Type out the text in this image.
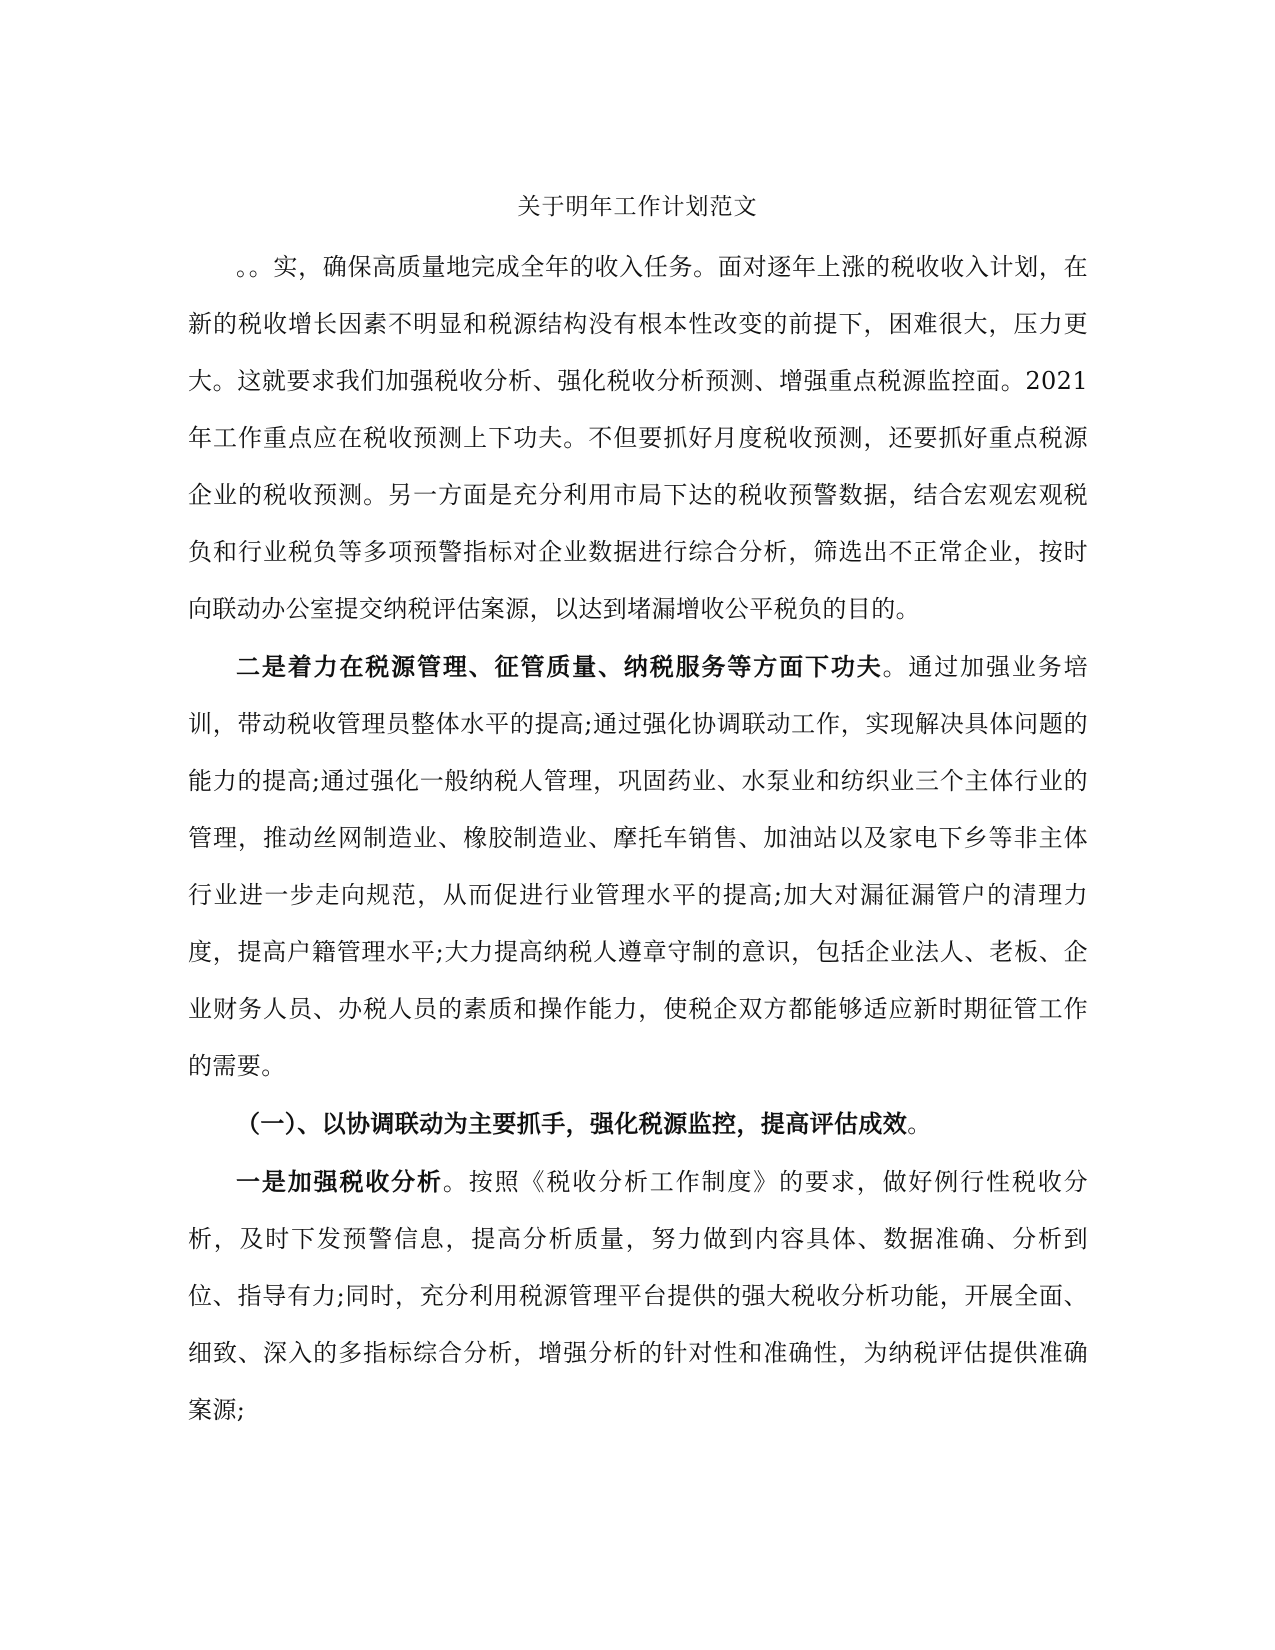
关于明年工作计划范文

。。实，确保高质量地完成全年的收入任务。面对逐年上涨的税收收入计划，在新的税收增长因素不明显和税源结构没有根本性改变的前提下，困难很大，压力更大。这就要求我们加强税收分析、强化税收分析预测、增强重点税源监控面。2021年工作重点应在税收预测上下功夫。不但要抓好月度税收预测，还要抓好重点税源企业的税收预测。另一方面是充分利用市局下达的税收预警数据，结合宏观宏观税负和行业税负等多项预警指标对企业数据进行综合分析，筛选出不正常企业，按时向联动办公室提交纳税评估案源，以达到堵漏增收公平税负的目的。

二是着力在税源管理、征管质量、纳税服务等方面下功夫。通过加强业务培训，带动税收管理员整体水平的提高;通过强化协调联动工作，实现解决具体问题的能力的提高;通过强化一般纳税人管理，巩固药业、水泵业和纺织业三个主体行业的管理，推动丝网制造业、橡胶制造业、摩托车销售、加油站以及家电下乡等非主体行业进一步走向规范，从而促进行业管理水平的提高;加大对漏征漏管户的清理力度，提高户籍管理水平;大力提高纳税人遵章守制的意识，包括企业法人、老板、企业财务人员、办税人员的素质和操作能力，使税企双方都能够适应新时期征管工作的需要。

（一）、以协调联动为主要抓手，强化税源监控，提高评估成效。

一是加强税收分析。按照《税收分析工作制度》的要求，做好例行性税收分析，及时下发预警信息，提高分析质量，努力做到内容具体、数据准确、分析到位、指导有力;同时，充分利用税源管理平台提供的强大税收分析功能，开展全面、细致、深入的多指标综合分析，增强分析的针对性和准确性，为纳税评估提供准确案源;
